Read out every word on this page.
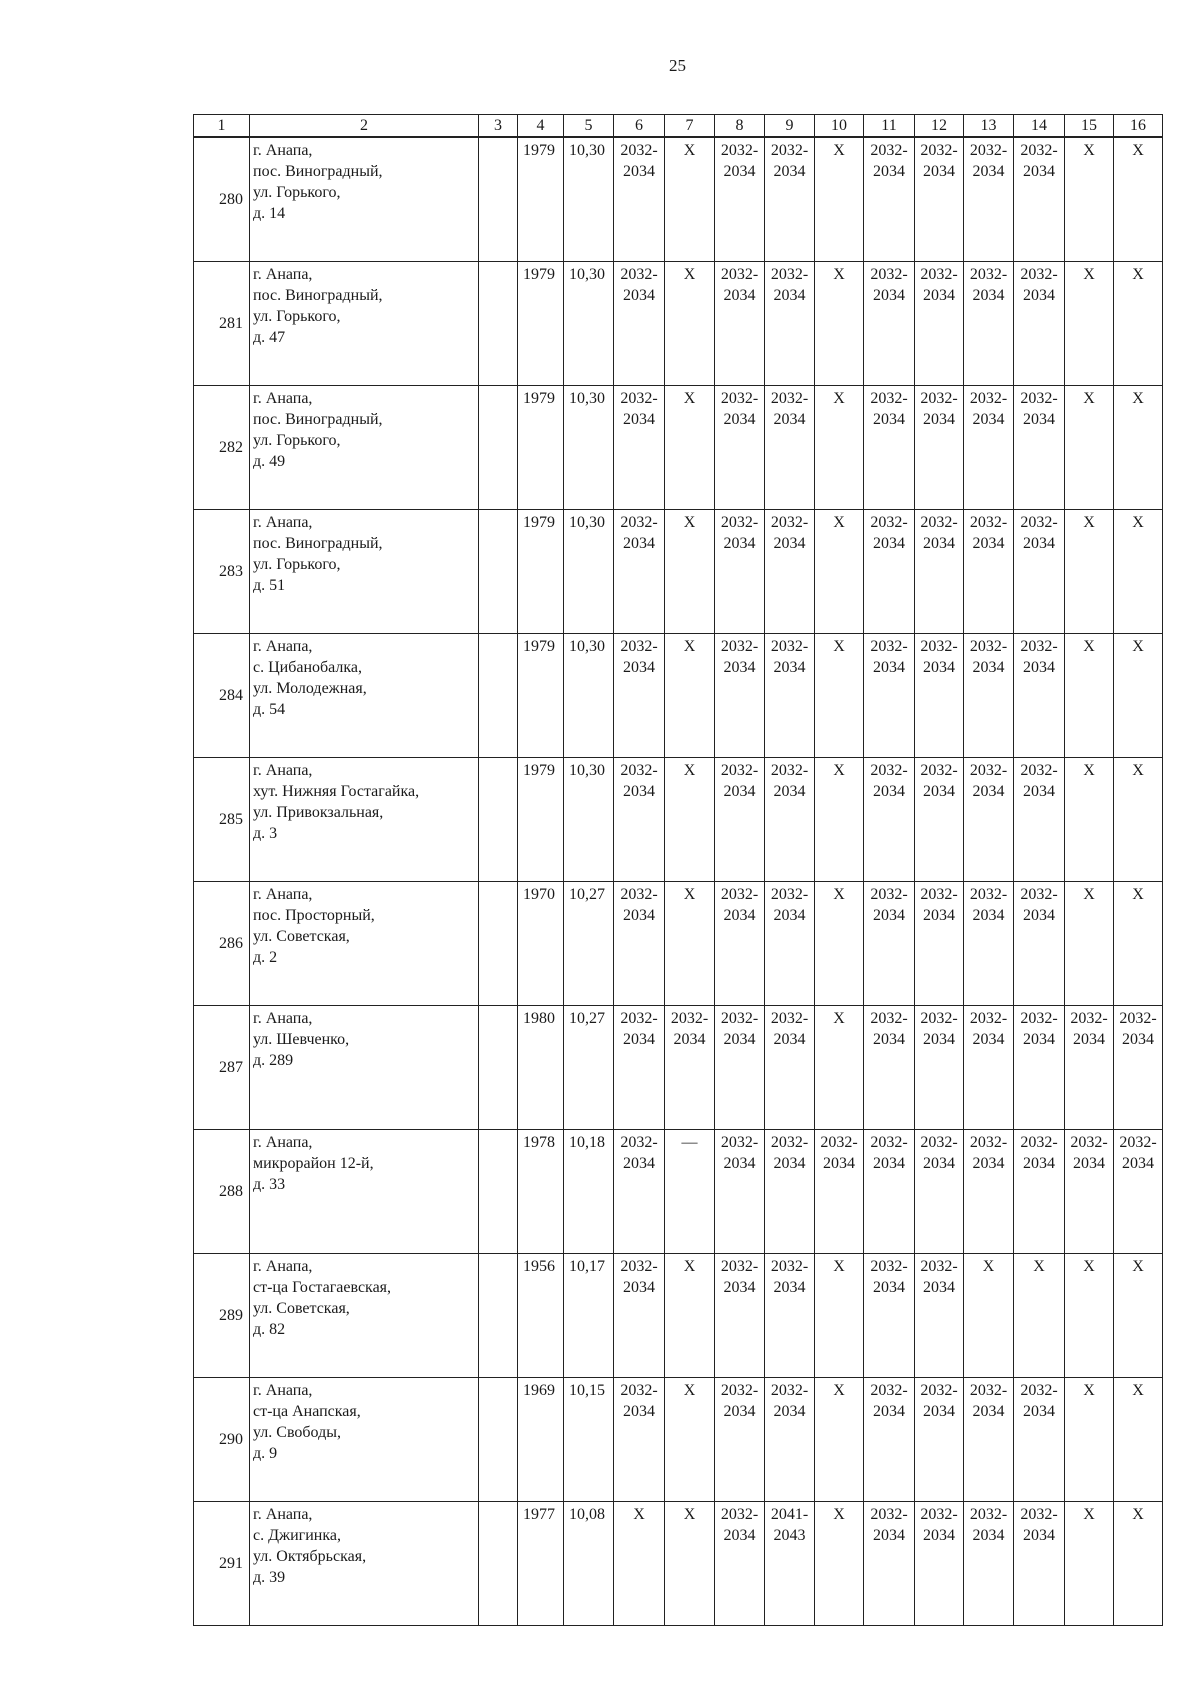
25
1	2	3	4	5	6	7	8	9	10	11	12	13	14	15	16
280	г. Анапа,
пос. Виноградный,
ул. Горького,
д. 14		1979	10,30	2032-
2034	X	2032-
2034	2032-
2034	X	2032-
2034	2032-
2034	2032-
2034	2032-
2034	X	X

281	г. Анапа,
пос. Виноградный,
ул. Горького,
д. 47		1979	10,30	2032-
2034	X	2032-
2034	2032-
2034	X	2032-
2034	2032-
2034	2032-
2034	2032-
2034	X	X

282	г. Анапа,
пос. Виноградный,
ул. Горького,
д. 49		1979	10,30	2032-
2034	X	2032-
2034	2032-
2034	X	2032-
2034	2032-
2034	2032-
2034	2032-
2034	X	X

283	г. Анапа,
пос. Виноградный,
ул. Горького,
д. 51		1979	10,30	2032-
2034	X	2032-
2034	2032-
2034	X	2032-
2034	2032-
2034	2032-
2034	2032-
2034	X	X

284	г. Анапа,
с. Цибанобалка,
ул. Молодежная,
д. 54		1979	10,30	2032-
2034	X	2032-
2034	2032-
2034	X	2032-
2034	2032-
2034	2032-
2034	2032-
2034	X	X

285	г. Анапа,
хут. Нижняя Гостагайка,
ул. Привокзальная,
д. 3		1979	10,30	2032-
2034	X	2032-
2034	2032-
2034	X	2032-
2034	2032-
2034	2032-
2034	2032-
2034	X	X

286	г. Анапа,
пос. Просторный,
ул. Советская,
д. 2		1970	10,27	2032-
2034	X	2032-
2034	2032-
2034	X	2032-
2034	2032-
2034	2032-
2034	2032-
2034	X	X

287	г. Анапа,
ул. Шевченко,
д. 289		1980	10,27	2032-
2034	2032-
2034	2032-
2034	2032-
2034	X	2032-
2034	2032-
2034	2032-
2034	2032-
2034	2032-
2034	2032-
2034

288	г. Анапа,
микрорайон 12-й,
д. 33		1978	10,18	2032-
2034	—	2032-
2034	2032-
2034	2032-
2034	2032-
2034	2032-
2034	2032-
2034	2032-
2034	2032-
2034	2032-
2034

289	г. Анапа,
ст-ца Гостагаевская,
ул. Советская,
д. 82		1956	10,17	2032-
2034	X	2032-
2034	2032-
2034	X	2032-
2034	2032-
2034	X	X	X	X

290	г. Анапа,
ст-ца Анапская,
ул. Свободы,
д. 9		1969	10,15	2032-
2034	X	2032-
2034	2032-
2034	X	2032-
2034	2032-
2034	2032-
2034	2032-
2034	X	X

291	г. Анапа,
с. Джигинка,
ул. Октябрьская,
д. 39		1977	10,08	X	X	2032-
2034	2041-
2043	X	2032-
2034	2032-
2034	2032-
2034	2032-
2034	X	X
